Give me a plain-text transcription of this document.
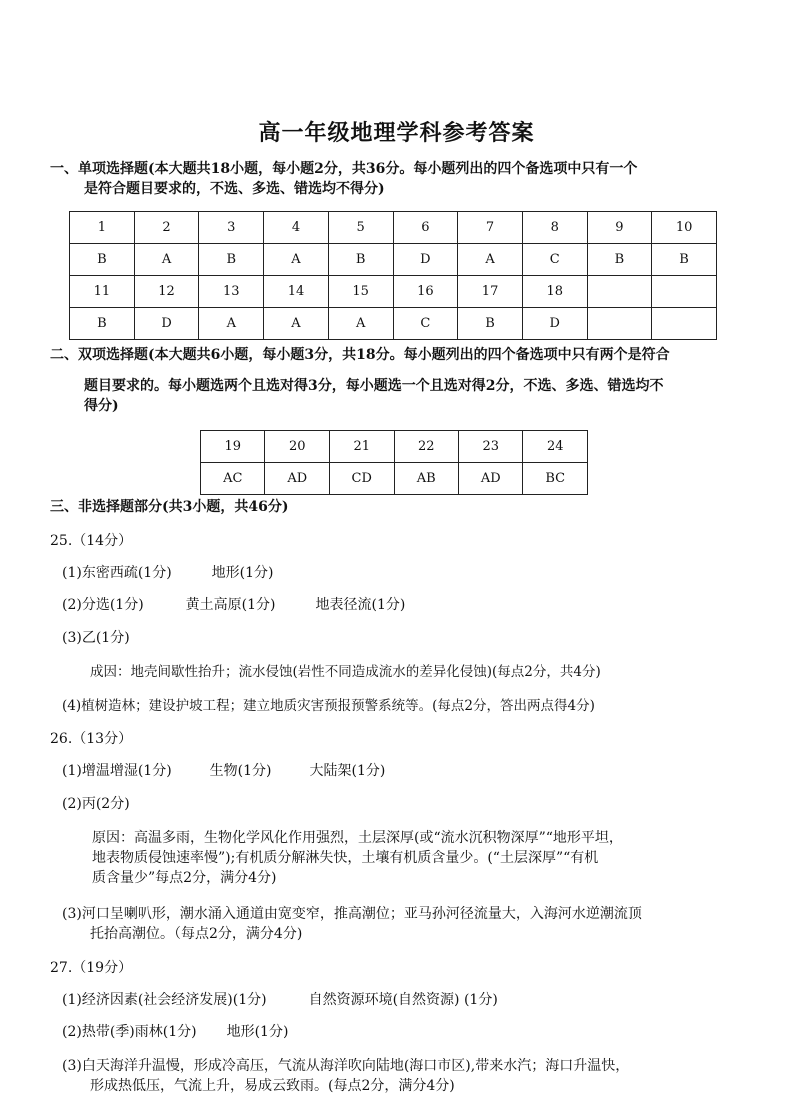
高一年级地理学科参考答案
一、单项选择题(本大题共18小题，每小题2分，共36分。每小题列出的四个备选项中只有一个
是符合题目要求的，不选、多选、错选均不得分)
1	2	3	4	5	6	7	8	9	10
B	A	B	A	B	D	A	C	B	B
11	12	13	14	15	16	17	18		
B	D	A	A	A	C	B	D		
二、双项选择题(本大题共6小题，每小题3分，共18分。每小题列出的四个备选项中只有两个是符合
题目要求的。每小题选两个且选对得3分，每小题选一个且选对得2分，不选、多选、错选均不
得分)
19	20	21	22	23	24
AC	AD	CD	AB	AD	BC
三、非选择题部分(共3小题，共46分)
25.（14分）
(1)东密西疏(1分)	地形(1分)
(2)分选(1分)	黄土高原(1分)	地表径流(1分)
(3)乙(1分)
成因：地壳间歇性抬升；流水侵蚀(岩性不同造成流水的差异化侵蚀)(每点2分，共4分)
(4)植树造林；建设护坡工程；建立地质灾害预报预警系统等。(每点2分，答出两点得4分)
26.（13分）
(1)增温增湿(1分)	生物(1分)	大陆架(1分)
(2)丙(2分)
原因：高温多雨，生物化学风化作用强烈，土层深厚(或“流水沉积物深厚”“地形平坦，
地表物质侵蚀速率慢”);有机质分解淋失快，土壤有机质含量少。(“土层深厚”“有机
质含量少”每点2分，满分4分)
(3)河口呈喇叭形，潮水涌入通道由宽变窄，推高潮位；亚马孙河径流量大，入海河水逆潮流顶
托抬高潮位。（每点2分，满分4分)
27.（19分）
(1)经济因素(社会经济发展)(1分)	自然资源环境(自然资源) (1分)
(2)热带(季)雨林(1分) 地形(1分)
(3)白天海洋升温慢，形成冷高压，气流从海洋吹向陆地(海口市区),带来水汽；海口升温快，
形成热低压，气流上升，易成云致雨。(每点2分，满分4分)
